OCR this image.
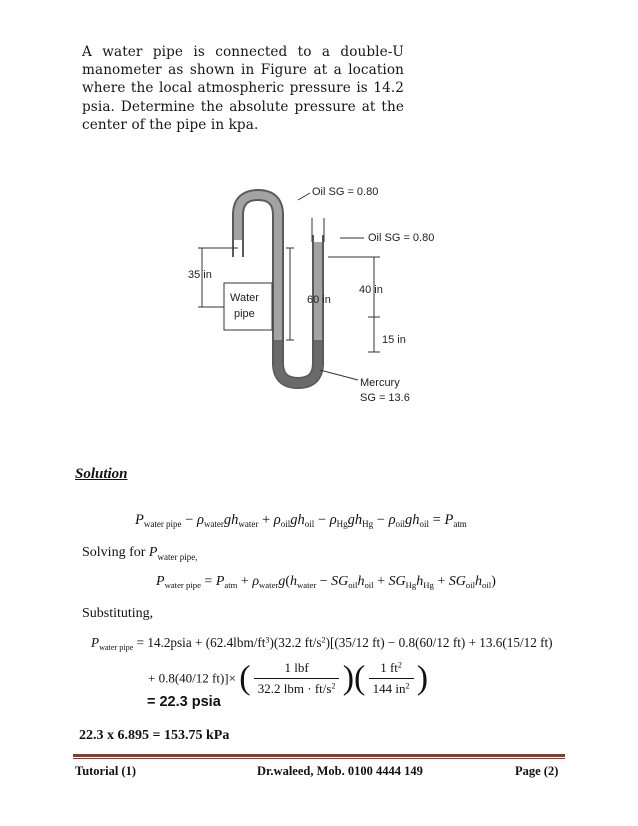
A water pipe is connected to a double-U manometer as shown in Figure at a location where the local atmospheric pressure is 14.2 psia. Determine the absolute pressure at the center of the pipe in kpa.
Oil SG = 0.80
Oil SG = 0.80
35 in
60 in
40 in
15 in
Water
pipe
Mercury
SG = 13.6
Solution
$P_{water pipe} - \rho_{water}gh_{water} + \rho_{oil}gh_{oil} - \rho_{Hg}gh_{Hg} - \rho_{oil}gh_{oil} = P_{atm}$
Solving for $P_{water pipe,}$
$P_{water pipe} = P_{atm} + \rho_{water}g(h_{water} - SG_{oil}h_{oil} + SG_{Hg}h_{Hg} + SG_{oil}h_{oil})$
Substituting,
$P_{water pipe}$ = 14.2psia + $(62.4lbm/ft^3)(32.2$ $ft/s^2)[(35/12$ ft) − 0.8(60/12 ft) + 13.6(15/12 ft)
+ 0.8(40/12 ft)]× ( $\frac{\text{1 lbf}}{32.2 lbm \cdot ft/s^2}$ )( $\frac{1 ft^2}{144 in^2}$ )
= 22.3 psia
22.3 x 6.895 = 153.75 kPa
Tutorial (1)	Dr.waleed, Mob. 0100 4444 149	Page (2)
